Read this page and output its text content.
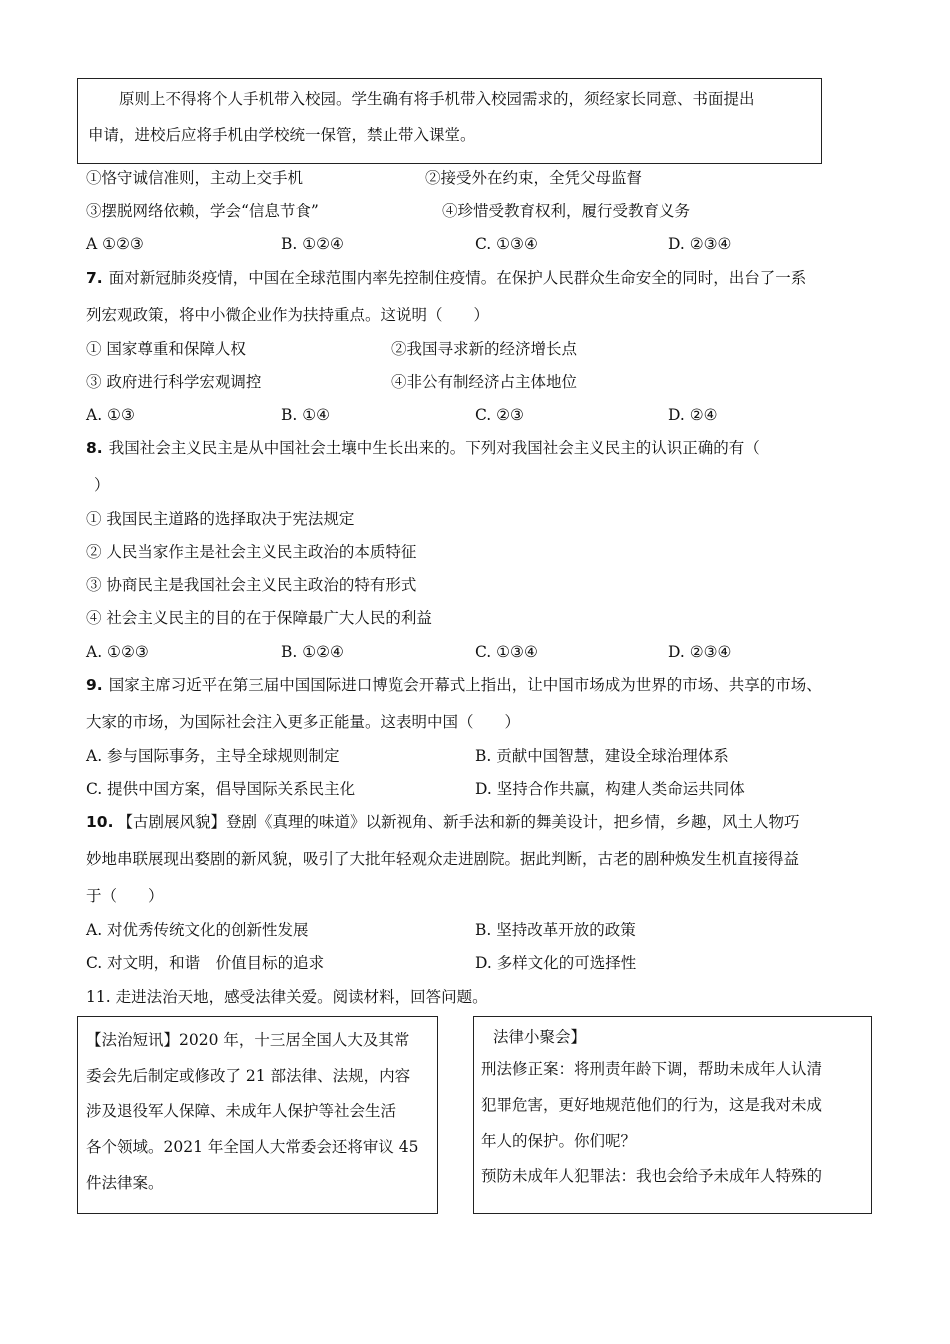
原则上不得将个人手机带入校园。学生确有将手机带入校园需求的，须经家长同意、书面提出
申请，进校后应将手机由学校统一保管，禁止带入课堂。
①恪守诚信准则，主动上交手机	②接受外在约束，全凭父母监督
③摆脱网络依赖，学会“信息节食”	④珍惜受教育权利，履行受教育义务
A ①②③	B. ①②④	C. ①③④	D. ②③④
7. 面对新冠肺炎疫情，中国在全球范围内率先控制住疫情。在保护人民群众生命安全的同时，出台了一系
列宏观政策，将中小微企业作为扶持重点。这说明（　　）
① 国家尊重和保障人权	②我国寻求新的经济增长点
③ 政府进行科学宏观调控	④非公有制经济占主体地位
A. ①③	B. ①④	C. ②③	D. ②④
8. 我国社会主义民主是从中国社会土壤中生长出来的。下列对我国社会主义民主的认识正确的有（
）
① 我国民主道路的选择取决于宪法规定
② 人民当家作主是社会主义民主政治的本质特征
③ 协商民主是我国社会主义民主政治的特有形式
④ 社会主义民主的目的在于保障最广大人民的利益
A. ①②③	B. ①②④	C. ①③④	D. ②③④
9. 国家主席习近平在第三届中国国际进口博览会开幕式上指出，让中国市场成为世界的市场、共享的市场、
大家的市场，为国际社会注入更多正能量。这表明中国（　　）
A. 参与国际事务，主导全球规则制定	B. 贡献中国智慧，建设全球治理体系
C. 提供中国方案，倡导国际关系民主化	D. 坚持合作共赢，构建人类命运共同体
10. 【古剧展风貌】登剧《真理的味道》以新视角、新手法和新的舞美设计，把乡情，乡趣，风土人物巧
妙地串联展现出婺剧的新风貌，吸引了大批年轻观众走进剧院。据此判断，古老的剧种焕发生机直接得益
于（　　）
A. 对优秀传统文化的创新性发展	B. 坚持改革开放的政策
C. 对文明，和谐　价值目标的追求	D. 多样文化的可选择性
11. 走进法治天地，感受法律关爱。阅读材料，回答问题。
【法治短讯】2020 年，十三居全国人大及其常
委会先后制定或修改了 21 部法律、法规，内容
涉及退役军人保障、未成年人保护等社会生活
各个领域。2021 年全国人大常委会还将审议 45
件法律案。
法律小聚会】
刑法修正案：将刑责年龄下调，帮助未成年人认清
犯罪危害，更好地规范他们的行为，这是我对未成
年人的保护。你们呢？
预防未成年人犯罪法：我也会给予未成年人特殊的
